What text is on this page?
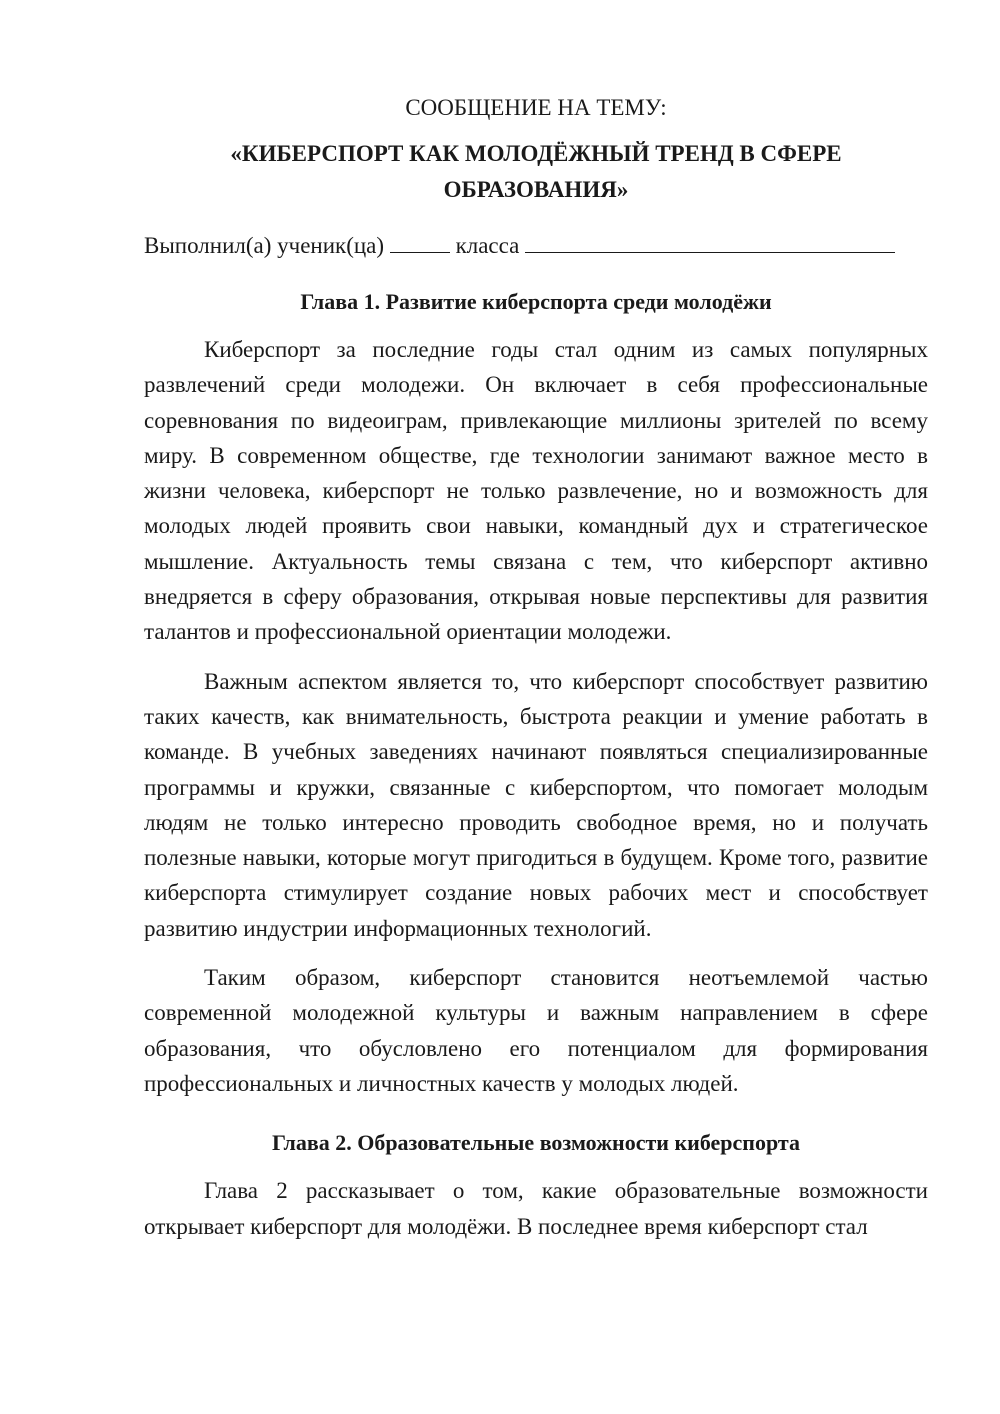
СООБЩЕНИЕ НА ТЕМУ:

«КИБЕРСПОРТ КАК МОЛОДЁЖНЫЙ ТРЕНД В СФЕРЕ
ОБРАЗОВАНИЯ»

Выполнил(а) ученик(ца)	класса

Глава 1. Развитие киберспорта среди молодёжи

Киберспорт за последние годы стал одним из самых популярных развлечений среди молодежи. Он включает в себя профессиональные соревнования по видеоиграм, привлекающие миллионы зрителей по всему миру. В современном обществе, где технологии занимают важное место в жизни человека, киберспорт не только развлечение, но и возможность для молодых людей проявить свои навыки, командный дух и стратегическое мышление. Актуальность темы связана с тем, что киберспорт активно внедряется в сферу образования, открывая новые перспективы для развития талантов и профессиональной ориентации молодежи.

Важным аспектом является то, что киберспорт способствует развитию таких качеств, как внимательность, быстрота реакции и умение работать в команде. В учебных заведениях начинают появляться специализированные программы и кружки, связанные с киберспортом, что помогает молодым людям не только интересно проводить свободное время, но и получать полезные навыки, которые могут пригодиться в будущем. Кроме того, развитие киберспорта стимулирует создание новых рабочих мест и способствует развитию индустрии информационных технологий.

Таким образом, киберспорт становится неотъемлемой частью современной молодежной культуры и важным направлением в сфере образования, что обусловлено его потенциалом для формирования профессиональных и личностных качеств у молодых людей.

Глава 2. Образовательные возможности киберспорта

Глава 2 рассказывает о том, какие образовательные возможности открывает киберспорт для молодёжи. В последнее время киберспорт стал
